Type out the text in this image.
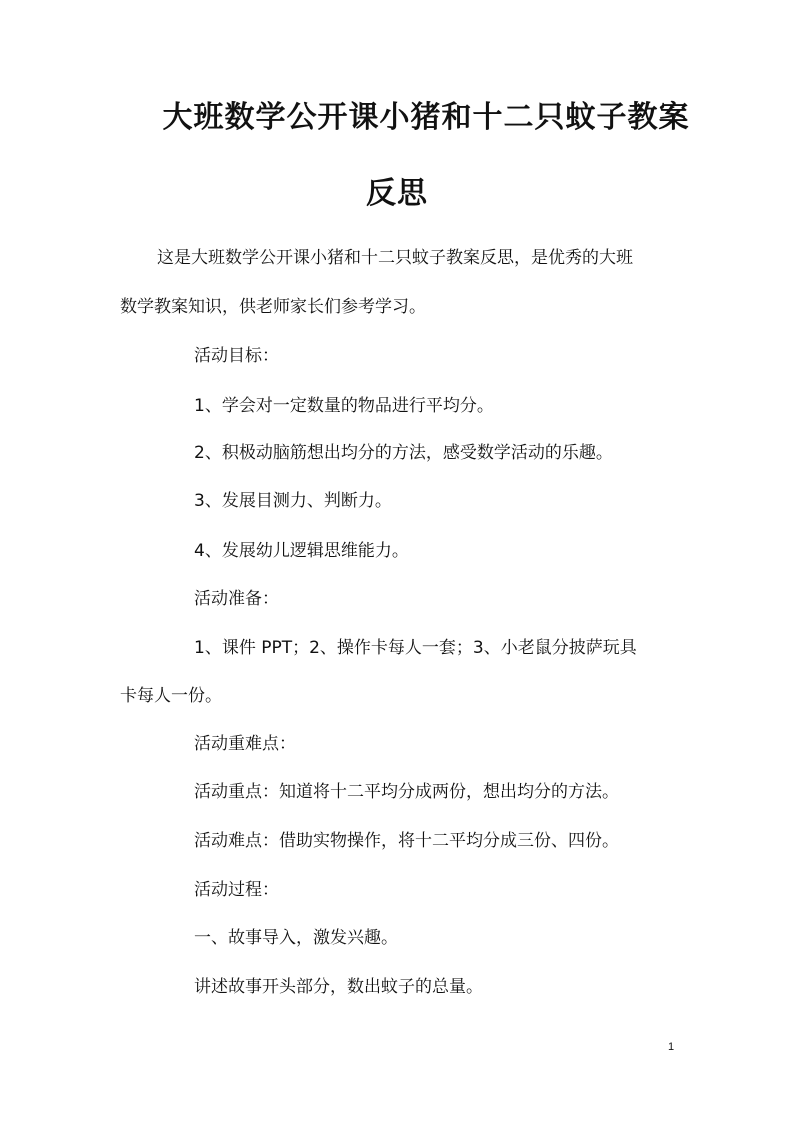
大班数学公开课小猪和十二只蚊子教案
反思
这是大班数学公开课小猪和十二只蚊子教案反思，是优秀的大班
数学教案知识，供老师家长们参考学习。
活动目标：
1、学会对一定数量的物品进行平均分。
2、积极动脑筋想出均分的方法，感受数学活动的乐趣。
3、发展目测力、判断力。
4、发展幼儿逻辑思维能力。
活动准备：
1、课件 PPT；2、操作卡每人一套；3、小老鼠分披萨玩具
卡每人一份。
活动重难点：
活动重点：知道将十二平均分成两份，想出均分的方法。
活动难点：借助实物操作，将十二平均分成三份、四份。
活动过程：
一、故事导入，激发兴趣。
讲述故事开头部分，数出蚊子的总量。
1
